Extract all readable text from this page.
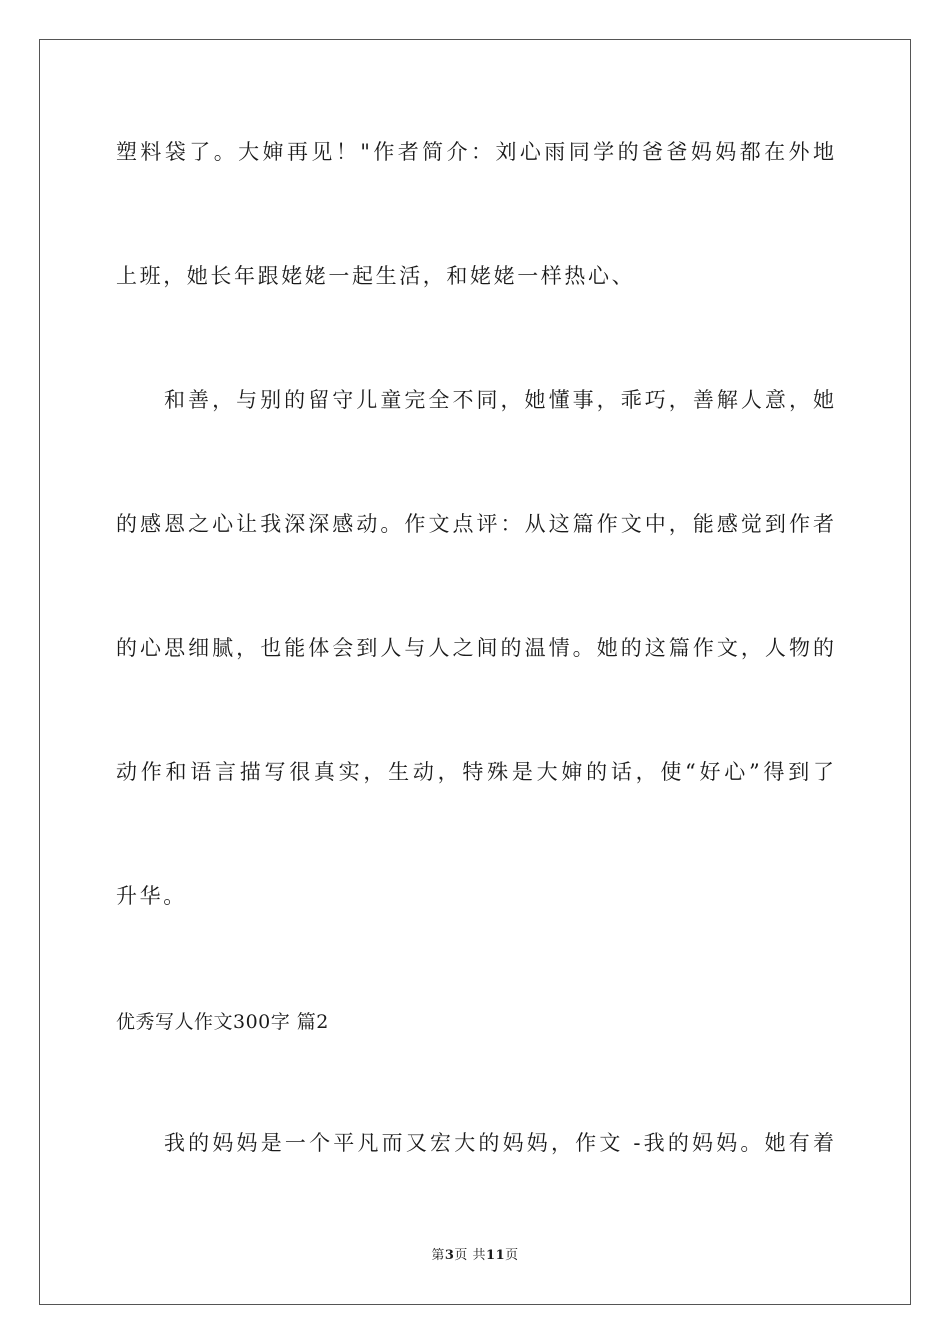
塑料袋了。大婶再见！"作者简介：刘心雨同学的爸爸妈妈都在外地
上班，她长年跟姥姥一起生活，和姥姥一样热心、
和善，与别的留守儿童完全不同，她懂事，乖巧，善解人意，她
的感恩之心让我深深感动。作文点评：从这篇作文中，能感觉到作者
的心思细腻，也能体会到人与人之间的温情。她的这篇作文，人物的
动作和语言描写很真实，生动，特殊是大婶的话，使“好心”得到了
升华。
优秀写人作文300字 篇2
我的妈妈是一个平凡而又宏大的妈妈，作文 -我的妈妈。她有着
第3页 共11页
